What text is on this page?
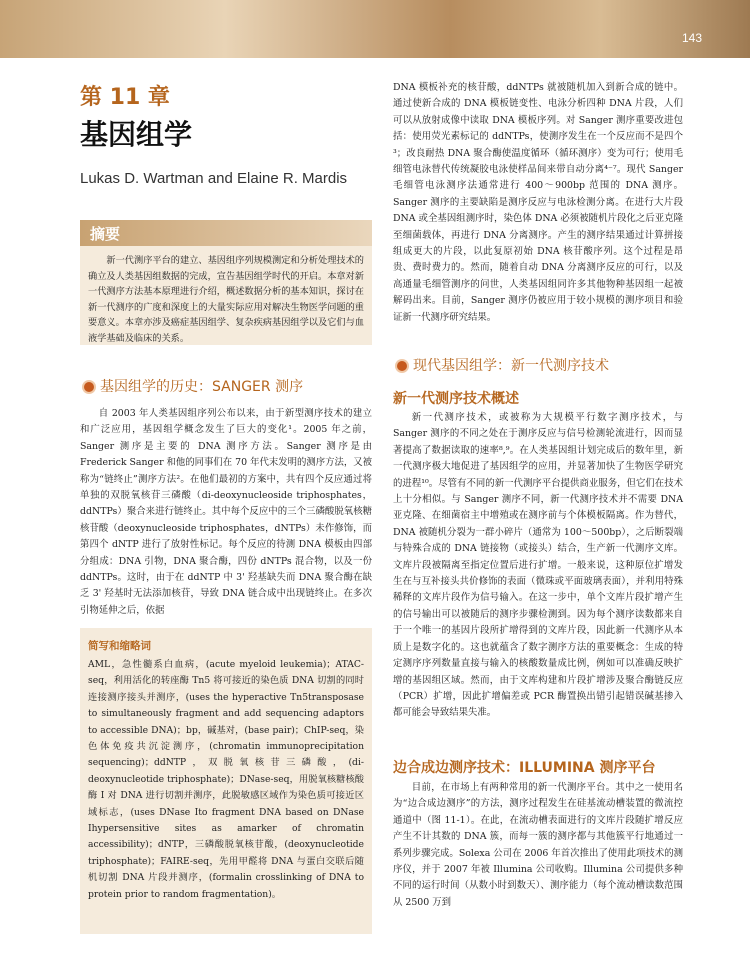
143
第 11 章
基因组学

Lukas D. Wartman and Elaine R. Mardis

摘要

新一代测序平台的建立、基因组序列规模测定和分析处理技术的确立及人类基因组数据的完成，宣告基因组学时代的开启。本章对新一代测序方法基本原理进行介绍，概述数据分析的基本知识，探讨在新一代测序的广度和深度上的大量实际应用对解决生物医学问题的重要意义。本章亦涉及癌症基因组学、复杂疾病基因组学以及它们与血液学基础及临床的关系。

基因组学的历史：SANGER 测序

自 2003 年人类基因组序列公布以来，由于新型测序技术的建立和广泛应用，基因组学概念发生了巨大的变化¹。2005 年之前，Sanger 测序是主要的 DNA 测序方法。Sanger 测序是由 Frederick Sanger 和他的同事们在 70 年代末发明的测序方法，又被称为“链终止”测序方法²。在他们最初的方案中，共有四个反应通过将单独的双脱氧核苷三磷酸（di-deoxynucleoside triphosphates，ddNTPs）聚合来进行链终止。其中每个反应中的三个三磷酸脱氧核糖核苷酸（deoxynucleoside triphosphates，dNTPs）未作修饰，而第四个 dNTP 进行了放射性标记。每个反应的待测 DNA 模板由四部分组成：DNA 引物，DNA 聚合酶，四份 dNTPs 混合物，以及一份 ddNTPs。这时，由于在 ddNTP 中 3' 羟基缺失而 DNA 聚合酶在缺乏 3' 羟基时无法添加核苷，导致 DNA 链合成中出现链终止。在多次引物延伸之后，依据

简写和缩略词

AML，急性髓系白血病，(acute myeloid leukemia)；ATAC-seq，利用活化的转座酶 Tn5 将可接近的染色质 DNA 切割的同时连接测序接头并测序，(uses the hyperactive Tn5transposase to simultaneously fragment and add sequencing adaptors to accessible DNA)；bp，碱基对，(base pair)；ChIP-seq，染色体免疫共沉淀测序，(chromatin immunoprecipitation sequencing)；ddNTP，双脱氧核苷三磷酸，(di-deoxynucleotide triphosphate)；DNase-seq，用脱氧核糖核酸酶 I 对 DNA 进行切割并测序，此脱敏感区域作为染色质可接近区域标志，(uses DNase Ito fragment DNA based on DNase Ihypersensitive sites as amarker of chromatin accessibility)；dNTP，三磷酸脱氧核苷酸，(deoxynucleotide triphosphate)；FAIRE-seq，先用甲醛将 DNA 与蛋白交联后随机切割 DNA 片段并测序，(formalin crosslinking of DNA to protein prior to random fragmentation)。

DNA 模板补充的核苷酸，ddNTPs 就被随机加入到新合成的链中。通过使新合成的 DNA 模板链变性、电泳分析四种 DNA 片段，人们可以从放射成像中读取 DNA 模板序列。对 Sanger 测序重要改进包括：使用荧光素标记的 ddNTPs，使测序发生在一个反应而不是四个³；改良耐热 DNA 聚合酶使温度循环（循环测序）变为可行；使用毛细管电泳替代传统凝胶电泳使样品间来带自动分离⁴⁻⁷。现代 Sanger 毛细管电泳测序法通常进行 400～900bp 范围的 DNA 测序。Sanger 测序的主要缺陷是测序反应与电泳检测分离。在进行大片段 DNA 或全基因组测序时，染色体 DNA 必须被随机片段化之后亚克隆至细菌载体，再进行 DNA 分离测序。产生的测序结果通过计算拼接组成更大的片段，以此复原初始 DNA 核苷酸序列。这个过程是昂贵、费时费力的。然而，随着自动 DNA 分离测序反应的可行，以及高通量毛细管测序的问世，人类基因组同许多其他物种基因组一起被解码出来。目前，Sanger 测序仍被应用于较小规模的测序项目和验证新一代测序研究结果。

现代基因组学：新一代测序技术
新一代测序技术概述

新一代测序技术，或被称为大规模平行数字测序技术，与 Sanger 测序的不同之处在于测序反应与信号检测轮流进行，因而显著提高了数据读取的速率⁸,⁹。在人类基因组计划完成后的数年里，新一代测序极大地促进了基因组学的应用，并显著加快了生物医学研究的进程¹⁰。尽管有不同的新一代测序平台提供商业服务，但它们在技术上十分相似。与 Sanger 测序不同，新一代测序技术并不需要 DNA 亚克隆、在细菌宿主中增殖或在测序前与个体模板隔离。作为替代，DNA 被随机分裂为一群小碎片（通常为 100～500bp），之后断裂端与特殊合成的 DNA 链接物（或接头）结合，生产新一代测序文库。文库片段被隔离至指定位置后进行扩增。一般来说，这种原位扩增发生在与互补接头共价修饰的表面（微珠或平面玻璃表面），并利用特殊稀释的文库片段作为信号输入。在这一步中，单个文库片段扩增产生的信号输出可以被随后的测序步骤检测到。因为每个测序读数都来自于一个唯一的基因片段所扩增得到的文库片段，因此新一代测序从本质上是数字化的。这也就蕴含了数字测序方法的重要概念：生成的特定测序序列数量直接与输入的核酸数量成比例，例如可以准确反映扩增的基因组区域。然而，由于文库构建和片段扩增涉及聚合酶链反应（PCR）扩增，因此扩增偏差或 PCR 酶置换出错引起错误碱基掺入都可能会导致结果失准。

边合成边测序技术：ILLUMINA 测序平台

目前，在市场上有两种常用的新一代测序平台。其中之一使用名为“边合成边测序”的方法，测序过程发生在硅基流动槽装置的微流控通道中（图 11-1）。在此，在流动槽表面进行的文库片段随扩增反应产生不计其数的 DNA 簇，而每一簇的测序都与其他簇平行地通过一系列步骤完成。Solexa 公司在 2006 年首次推出了使用此项技术的测序仪，并于 2007 年被 Illumina 公司收购。Illumina 公司提供多种不同的运行时间（从数小时到数天）、测序能力（每个流动槽读数范围从 2500 万到
